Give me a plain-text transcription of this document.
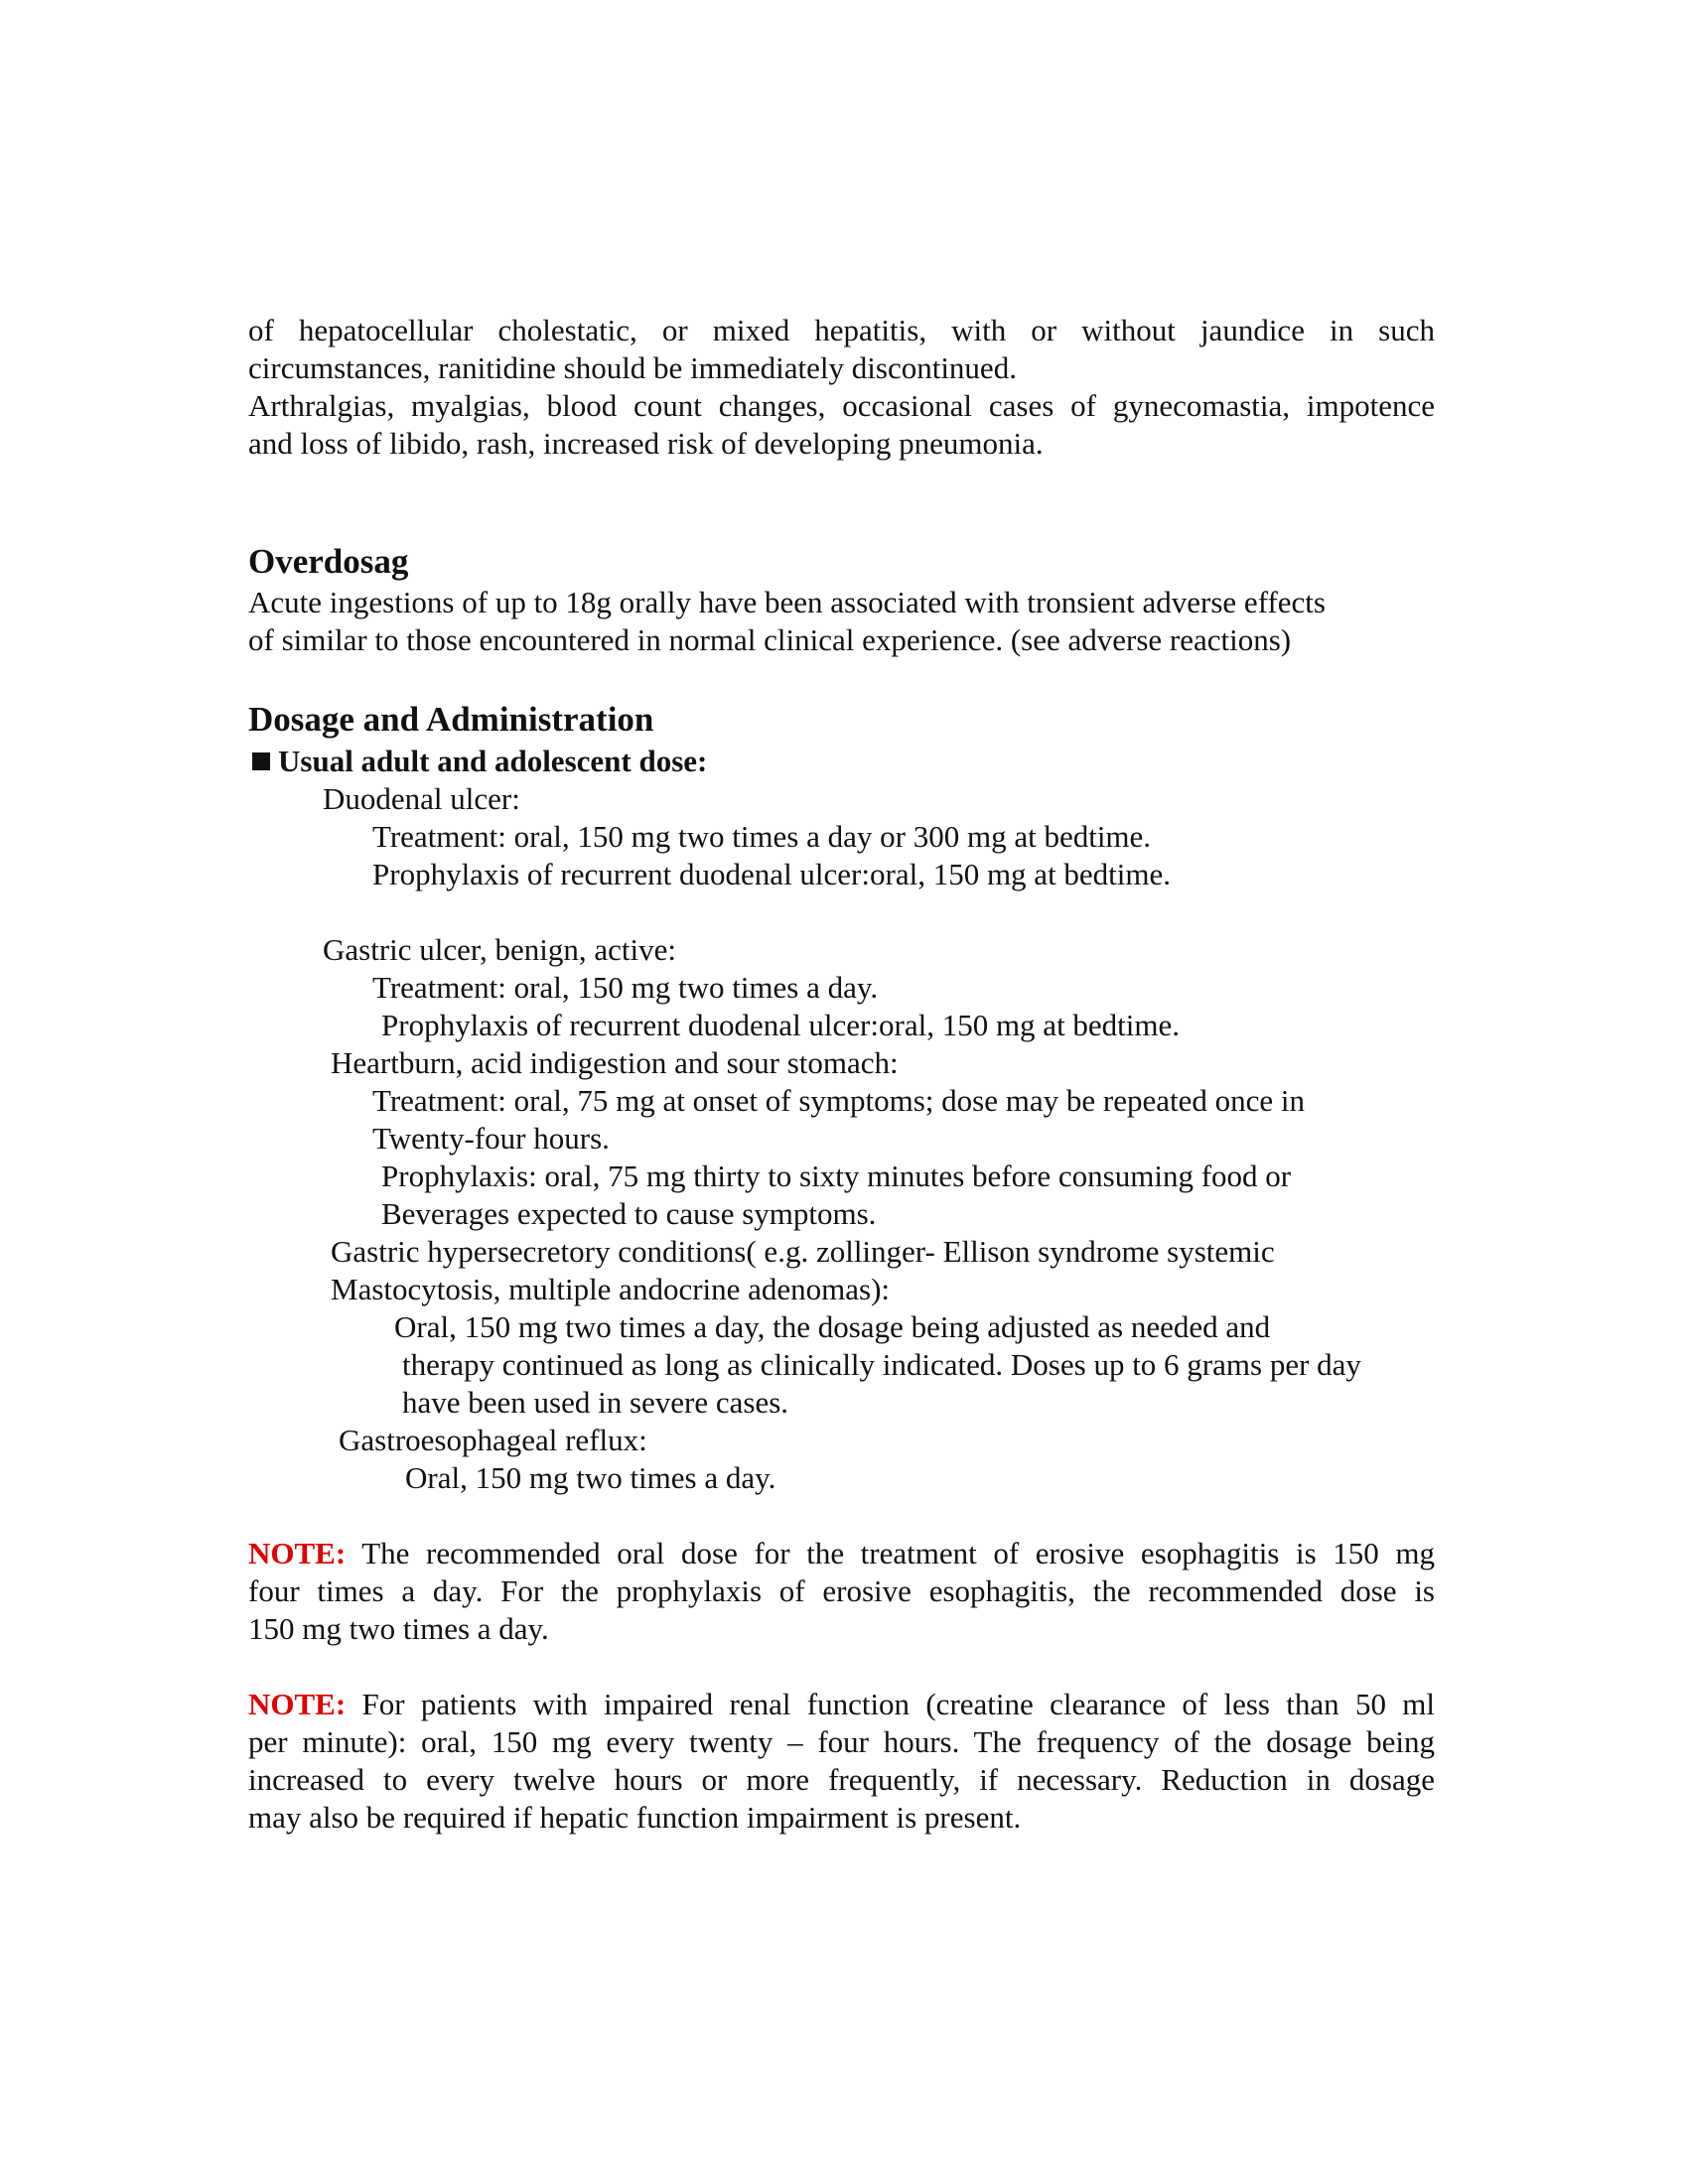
of hepatocellular cholestatic, or mixed hepatitis, with or without jaundice in such

circumstances, ranitidine should be immediately discontinued.

Arthralgias, myalgias, blood count changes, occasional cases of gynecomastia, impotence

and loss of libido, rash, increased risk of developing pneumonia.

Overdosag

Acute ingestions of up to 18g orally have been associated with tronsient adverse effects

of similar to those encountered in normal clinical experience. (see adverse reactions)

Dosage and Administration
Usual adult and adolescent dose:

Duodenal ulcer:

Treatment: oral, 150 mg two times a day or 300 mg at bedtime.

Prophylaxis of recurrent duodenal ulcer:oral, 150 mg at bedtime.

Gastric ulcer, benign, active:

Treatment: oral, 150 mg two times a day.

Prophylaxis of recurrent duodenal ulcer:oral, 150 mg at bedtime.

Heartburn, acid indigestion and sour stomach:

Treatment: oral, 75 mg at onset of symptoms; dose may be repeated once in

Twenty-four hours.

Prophylaxis: oral, 75 mg thirty to sixty minutes before consuming food or

Beverages expected to cause symptoms.

Gastric hypersecretory conditions( e.g. zollinger- Ellison syndrome systemic

Mastocytosis, multiple andocrine adenomas):

Oral, 150 mg two times a day, the dosage being adjusted as needed and

therapy continued as long as clinically indicated. Doses up to 6 grams per day

have been used in severe cases.

Gastroesophageal reflux:

Oral, 150 mg two times a day.

NOTE: The recommended oral dose for the treatment of erosive esophagitis is 150 mg

four times a day. For the prophylaxis of erosive esophagitis, the recommended dose is

150 mg two times a day.

NOTE: For patients with impaired renal function (creatine clearance of less than 50 ml

per minute): oral, 150 mg every twenty – four hours. The frequency of the dosage being

increased to every twelve hours or more frequently, if necessary. Reduction in dosage

may also be required if hepatic function impairment is present.
